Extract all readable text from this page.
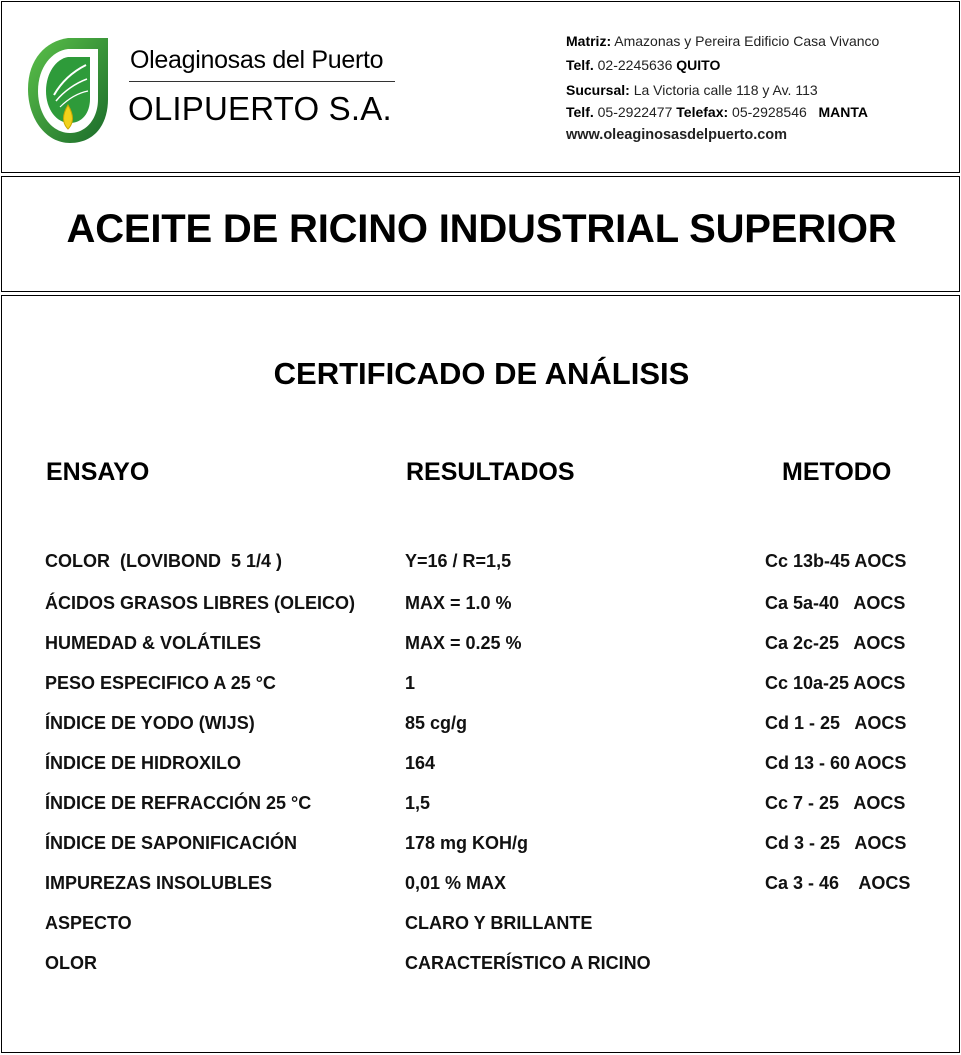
Oleaginosas del Puerto
OLIPUERTO S.A.
Matriz: Amazonas y Pereira Edificio Casa Vivanco
Telf. 02-2245636 QUITO
Sucursal: La Victoria calle 118 y Av. 113
Telf. 05-2922477 Telefax: 05-2928546   MANTA
www.oleaginosasdelpuerto.com
ACEITE DE RICINO INDUSTRIAL SUPERIOR
CERTIFICADO DE ANÁLISIS
ENSAYO	RESULTADOS	METODO
COLOR  (LOVIBOND  5 1/4 )	Y=16 / R=1,5	Cc 13b-45 AOCS
ÁCIDOS GRASOS LIBRES (OLEICO)	MAX = 1.0 %	Ca 5a-40   AOCS
HUMEDAD & VOLÁTILES	MAX = 0.25 %	Ca 2c-25   AOCS
PESO ESPECIFICO A 25 °C	1	Cc 10a-25 AOCS
ÍNDICE DE YODO (WIJS)	85 cg/g	Cd 1 - 25   AOCS
ÍNDICE DE HIDROXILO	164	Cd 13 - 60 AOCS
ÍNDICE DE REFRACCIÓN 25 °C	1,5	Cc 7 - 25   AOCS
ÍNDICE DE SAPONIFICACIÓN	178 mg KOH/g	Cd 3 - 25   AOCS
IMPUREZAS INSOLUBLES	0,01 % MAX	Ca 3 - 46    AOCS
ASPECTO	CLARO Y BRILLANTE
OLOR	CARACTERÍSTICO A RICINO
